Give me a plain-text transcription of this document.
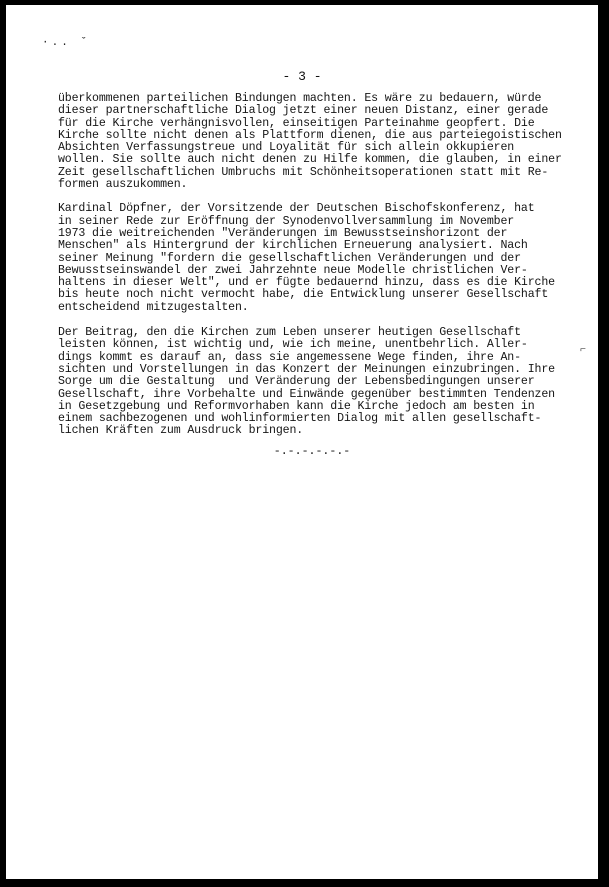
·.. ˇ
- 3 -
⌐
überkommenen parteilichen Bindungen machten. Es wäre zu bedauern, würde
dieser partnerschaftliche Dialog jetzt einer neuen Distanz, einer gerade
für die Kirche verhängnisvollen, einseitigen Parteinahme geopfert. Die
Kirche sollte nicht denen als Plattform dienen, die aus parteiegoistischen
Absichten Verfassungstreue und Loyalität für sich allein okkupieren
wollen. Sie sollte auch nicht denen zu Hilfe kommen, die glauben, in einer
Zeit gesellschaftlichen Umbruchs mit Schönheitsoperationen statt mit Re-
formen auszukommen.
Kardinal Döpfner, der Vorsitzende der Deutschen Bischofskonferenz, hat
in seiner Rede zur Eröffnung der Synodenvollversammlung im November
1973 die weitreichenden "Veränderungen im Bewusstseinshorizont der
Menschen" als Hintergrund der kirchlichen Erneuerung analysiert. Nach
seiner Meinung "fordern die gesellschaftlichen Veränderungen und der
Bewusstseinswandel der zwei Jahrzehnte neue Modelle christlichen Ver-
haltens in dieser Welt", und er fügte bedauernd hinzu, dass es die Kirche
bis heute noch nicht vermocht habe, die Entwicklung unserer Gesellschaft
entscheidend mitzugestalten.
Der Beitrag, den die Kirchen zum Leben unserer heutigen Gesellschaft
leisten können, ist wichtig und, wie ich meine, unentbehrlich. Aller-
dings kommt es darauf an, dass sie angemessene Wege finden, ihre An-
sichten und Vorstellungen in das Konzert der Meinungen einzubringen. Ihre
Sorge um die Gestaltung  und Veränderung der Lebensbedingungen unserer
Gesellschaft, ihre Vorbehalte und Einwände gegenüber bestimmten Tendenzen
in Gesetzgebung und Reformvorhaben kann die Kirche jedoch am besten in
einem sachbezogenen und wohlinformierten Dialog mit allen gesellschaft-
lichen Kräften zum Ausdruck bringen.
-.-.-.-.-.-
